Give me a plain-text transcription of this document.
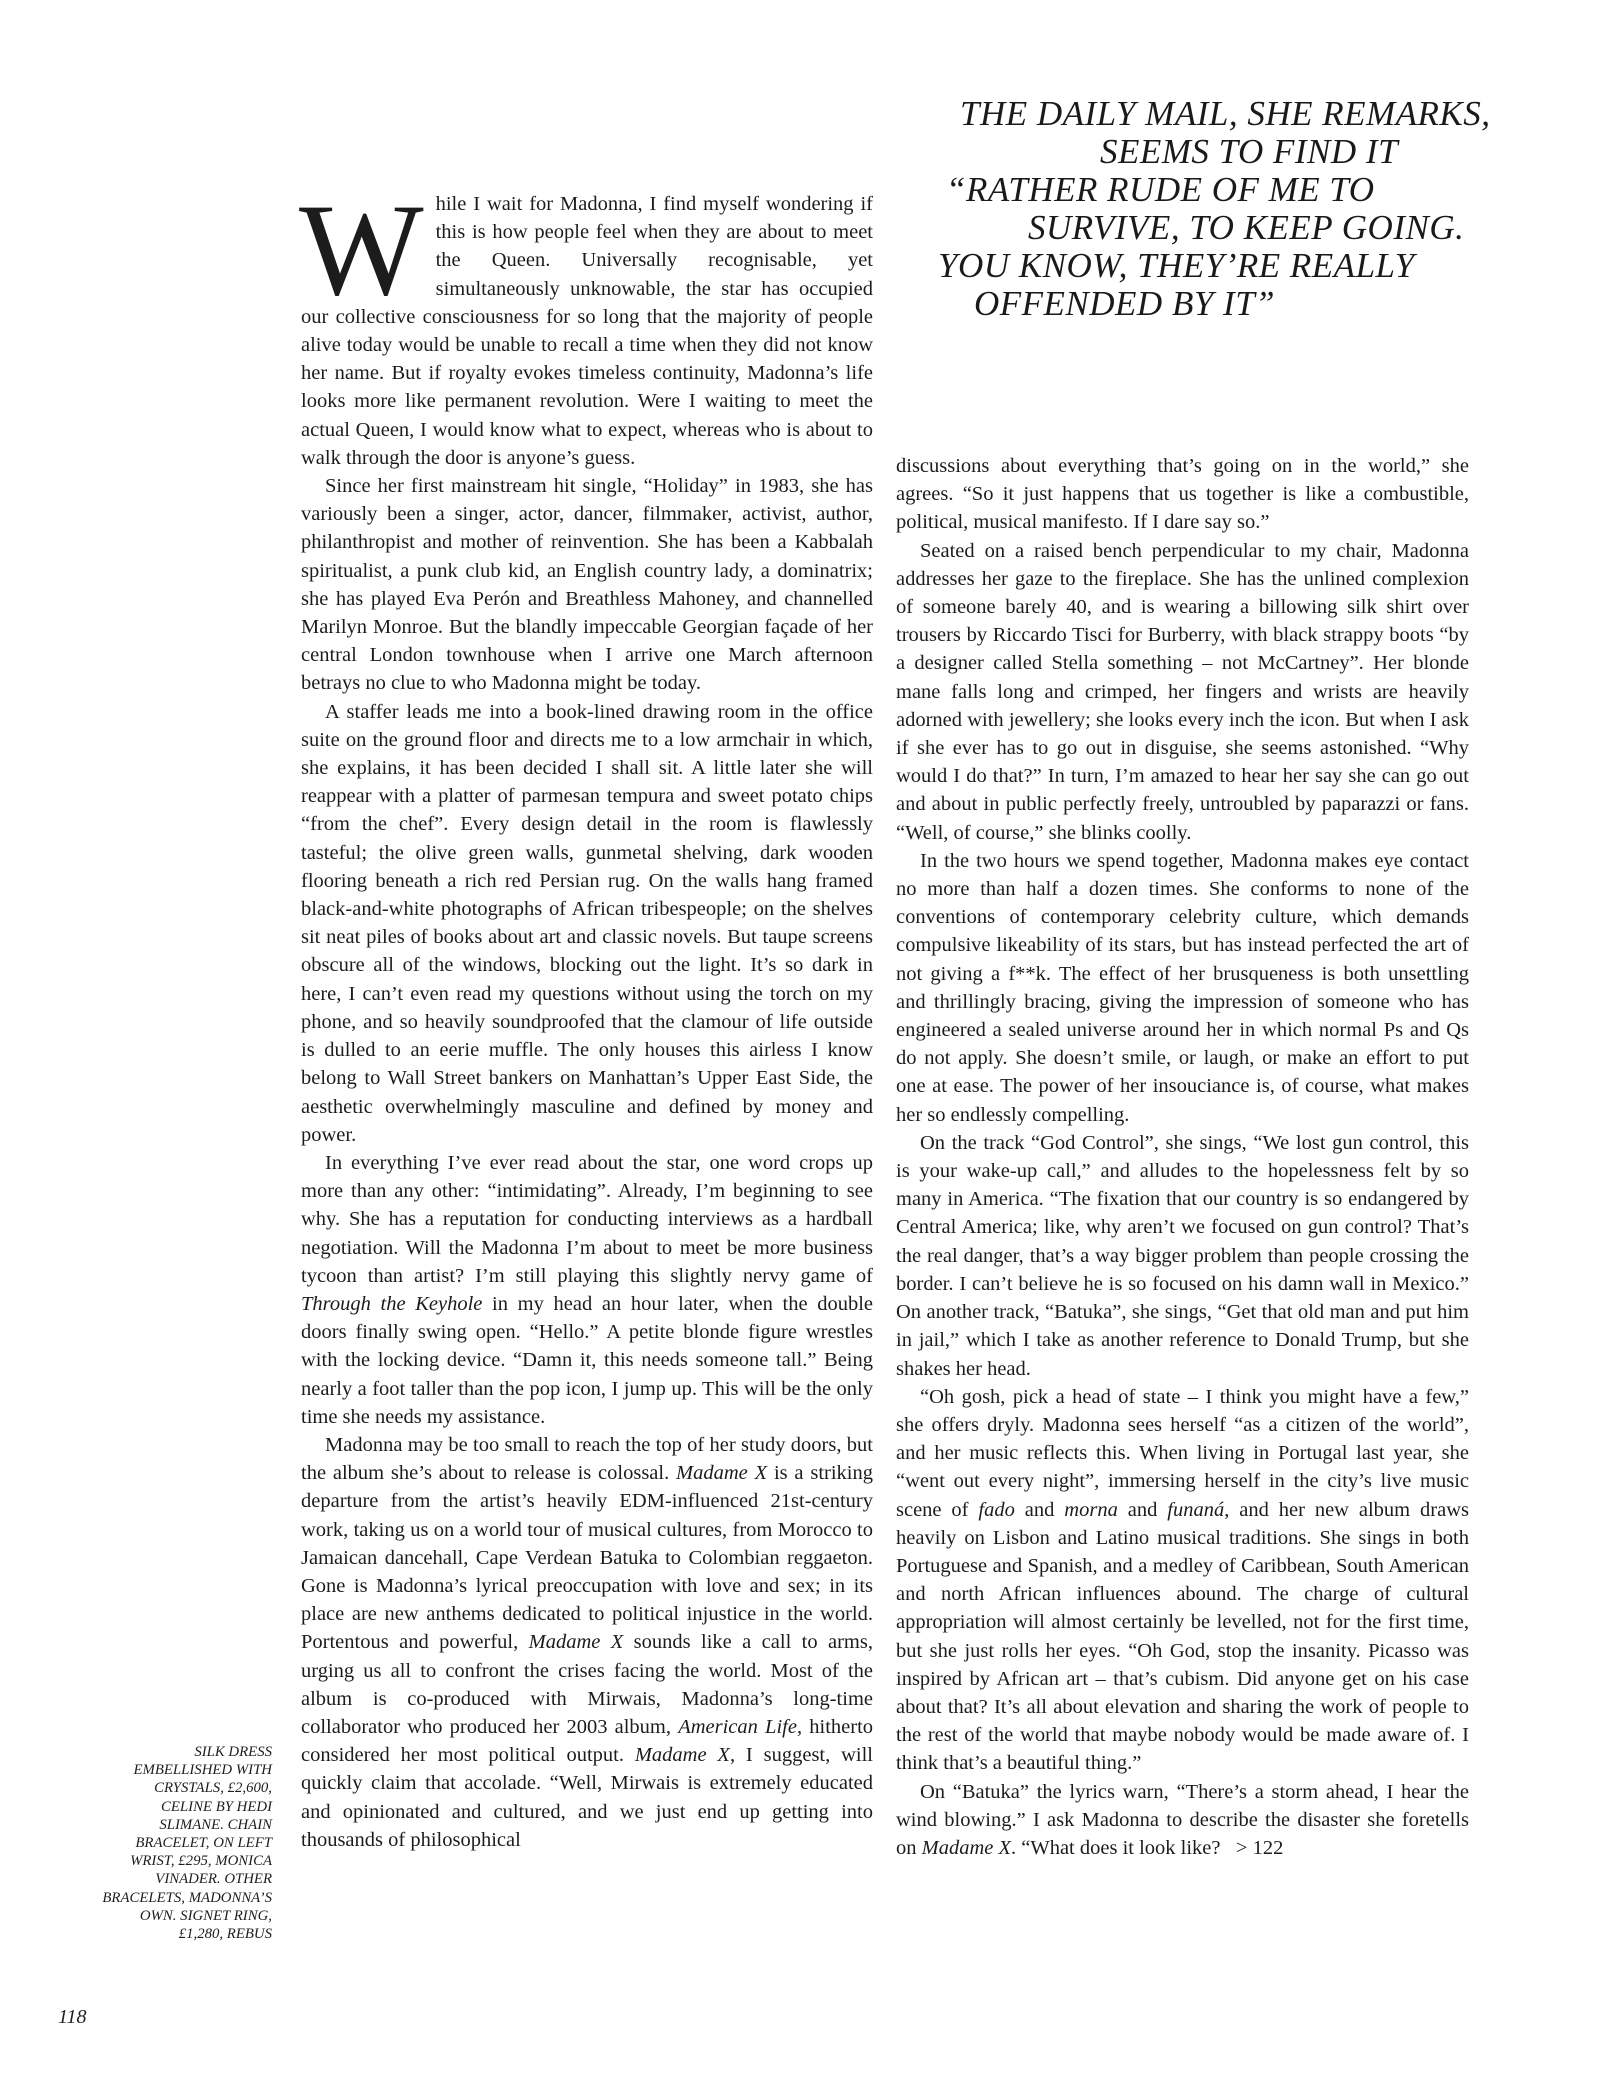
THE DAILY MAIL, SHE REMARKS,
SEEMS TO FIND IT
“RATHER RUDE OF ME TO
SURVIVE, TO KEEP GOING.
YOU KNOW, THEY’RE REALLY
OFFENDED BY IT”

While I wait for Madonna, I find myself wondering if this is how people feel when they are about to meet the Queen. Universally recognisable, yet simultaneously unknowable, the star has occupied our collective consciousness for so long that the majority of people alive today would be unable to recall a time when they did not know her name. But if royalty evokes timeless continuity, Madonna’s life looks more like permanent revolution. Were I waiting to meet the actual Queen, I would know what to expect, whereas who is about to walk through the door is anyone’s guess.

Since her first mainstream hit single, “Holiday” in 1983, she has variously been a singer, actor, dancer, filmmaker, activist, author, philanthropist and mother of reinvention. She has been a Kabbalah spiritualist, a punk club kid, an English country lady, a dominatrix; she has played Eva Perón and Breathless Mahoney, and channelled Marilyn Monroe. But the blandly impeccable Georgian façade of her central London townhouse when I arrive one March afternoon betrays no clue to who Madonna might be today.

A staffer leads me into a book-lined drawing room in the office suite on the ground floor and directs me to a low armchair in which, she explains, it has been decided I shall sit. A little later she will reappear with a platter of parmesan tempura and sweet potato chips “from the chef”. Every design detail in the room is flawlessly tasteful; the olive green walls, gunmetal shelving, dark wooden flooring beneath a rich red Persian rug. On the walls hang framed black-and-white photographs of African tribespeople; on the shelves sit neat piles of books about art and classic novels. But taupe screens obscure all of the windows, blocking out the light. It’s so dark in here, I can’t even read my questions without using the torch on my phone, and so heavily soundproofed that the clamour of life outside is dulled to an eerie muffle. The only houses this airless I know belong to Wall Street bankers on Manhattan’s Upper East Side, the aesthetic overwhelmingly masculine and defined by money and power.

In everything I’ve ever read about the star, one word crops up more than any other: “intimidating”. Already, I’m beginning to see why. She has a reputation for conducting interviews as a hardball negotiation. Will the Madonna I’m about to meet be more business tycoon than artist? I’m still playing this slightly nervy game of Through the Keyhole in my head an hour later, when the double doors finally swing open. “Hello.” A petite blonde figure wrestles with the locking device. “Damn it, this needs someone tall.” Being nearly a foot taller than the pop icon, I jump up. This will be the only time she needs my assistance.

Madonna may be too small to reach the top of her study doors, but the album she’s about to release is colossal. Madame X is a striking departure from the artist’s heavily EDM-influenced 21st-century work, taking us on a world tour of musical cultures, from Morocco to Jamaican dancehall, Cape Verdean Batuka to Colombian reggaeton. Gone is Madonna’s lyrical preoccupation with love and sex; in its place are new anthems dedicated to political injustice in the world. Portentous and powerful, Madame X sounds like a call to arms, urging us all to confront the crises facing the world. Most of the album is co-produced with Mirwais, Madonna’s long-time collaborator who produced her 2003 album, American Life, hitherto considered her most political output. Madame X, I suggest, will quickly claim that accolade. “Well, Mirwais is extremely educated and opinionated and cultured, and we just end up getting into thousands of philosophical

discussions about everything that’s going on in the world,” she agrees. “So it just happens that us together is like a combustible, political, musical manifesto. If I dare say so.”

Seated on a raised bench perpendicular to my chair, Madonna addresses her gaze to the fireplace. She has the unlined complexion of someone barely 40, and is wearing a billowing silk shirt over trousers by Riccardo Tisci for Burberry, with black strappy boots “by a designer called Stella something – not McCartney”. Her blonde mane falls long and crimped, her fingers and wrists are heavily adorned with jewellery; she looks every inch the icon. But when I ask if she ever has to go out in disguise, she seems astonished. “Why would I do that?” In turn, I’m amazed to hear her say she can go out and about in public perfectly freely, untroubled by paparazzi or fans. “Well, of course,” she blinks coolly.

In the two hours we spend together, Madonna makes eye contact no more than half a dozen times. She conforms to none of the conventions of contemporary celebrity culture, which demands compulsive likeability of its stars, but has instead perfected the art of not giving a f**k. The effect of her brusqueness is both unsettling and thrillingly bracing, giving the impression of someone who has engineered a sealed universe around her in which normal Ps and Qs do not apply. She doesn’t smile, or laugh, or make an effort to put one at ease. The power of her insouciance is, of course, what makes her so endlessly compelling.

On the track “God Control”, she sings, “We lost gun control, this is your wake-up call,” and alludes to the hopelessness felt by so many in America. “The fixation that our country is so endangered by Central America; like, why aren’t we focused on gun control? That’s the real danger, that’s a way bigger problem than people crossing the border. I can’t believe he is so focused on his damn wall in Mexico.” On another track, “Batuka”, she sings, “Get that old man and put him in jail,” which I take as another reference to Donald Trump, but she shakes her head.

“Oh gosh, pick a head of state – I think you might have a few,” she offers dryly. Madonna sees herself “as a citizen of the world”, and her music reflects this. When living in Portugal last year, she “went out every night”, immersing herself in the city’s live music scene of fado and morna and funaná, and her new album draws heavily on Lisbon and Latino musical traditions. She sings in both Portuguese and Spanish, and a medley of Caribbean, South American and north African influences abound. The charge of cultural appropriation will almost certainly be levelled, not for the first time, but she just rolls her eyes. “Oh God, stop the insanity. Picasso was inspired by African art – that’s cubism. Did anyone get on his case about that? It’s all about elevation and sharing the work of people to the rest of the world that maybe nobody would be made aware of. I think that’s a beautiful thing.”

On “Batuka” the lyrics warn, “There’s a storm ahead, I hear the wind blowing.” I ask Madonna to describe the disaster she foretells on Madame X. “What does it look like? > 122

SILK DRESS
EMBELLISHED WITH
CRYSTALS, £2,600,
CELINE BY HEDI
SLIMANE. CHAIN
BRACELET, ON LEFT
WRIST, £295, MONICA
VINADER. OTHER
BRACELETS, MADONNA’S
OWN. SIGNET RING,
£1,280, REBUS
118
